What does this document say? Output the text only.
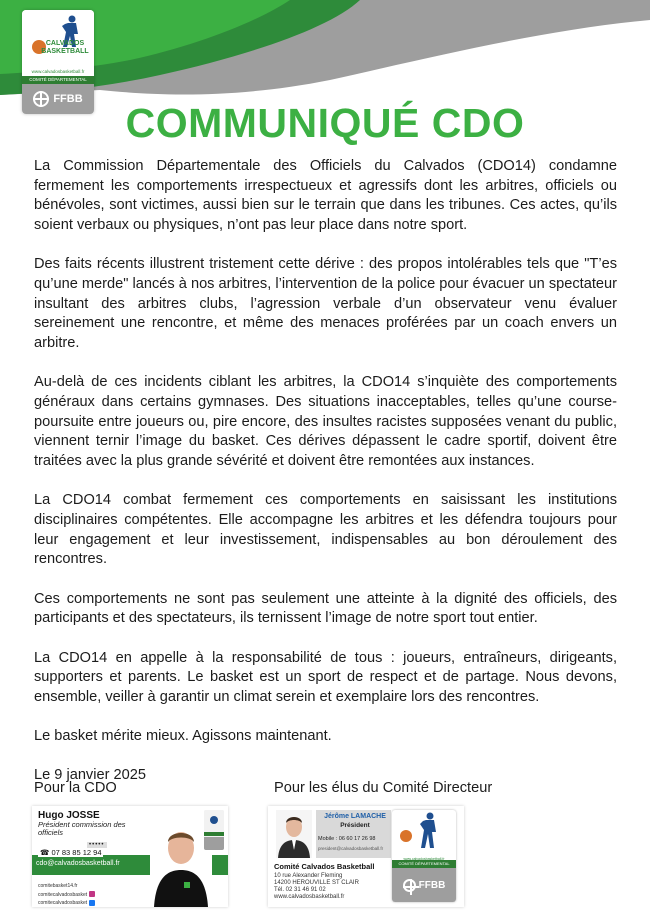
CALVADOS
BASKETBALL
www.calvadosbasketball.fr
COMITÉ DÉPARTEMENTAL
FFBB
COMMUNIQUÉ CDO

La Commission Départementale des Officiels du Calvados (CDO14) condamne fermement les comportements irrespectueux et agressifs dont les arbitres, officiels ou bénévoles, sont victimes, aussi bien sur le terrain que dans les tribunes. Ces actes, qu’ils soient verbaux ou physiques, n’ont pas leur place dans notre sport.

Des faits récents illustrent tristement cette dérive : des propos intolérables tels que "T’es qu’une merde" lancés à nos arbitres, l’intervention de la police pour évacuer un spectateur insultant des arbitres clubs, l’agression verbale d’un observateur venu évaluer sereinement une rencontre, et même des menaces proférées par un coach envers un arbitre.

Au-delà de ces incidents ciblant les arbitres, la CDO14 s’inquiète des comportements généraux dans certains gymnases. Des situations inacceptables, telles qu’une course-poursuite entre joueurs ou, pire encore, des insultes racistes supposées venant du public, viennent ternir l’image du basket. Ces dérives dépassent le cadre sportif, doivent être traitées avec la plus grande sévérité et doivent être remontées aux instances.

La CDO14 combat fermement ces comportements en saisissant les institutions disciplinaires compétentes. Elle accompagne les arbitres et les défendra toujours pour leur engagement et leur investissement, indispensables au bon déroulement des rencontres.

Ces comportements ne sont pas seulement une atteinte à la dignité des officiels, des participants et des spectateurs, ils ternissent l’image de notre sport tout entier.

La CDO14 en appelle à la responsabilité de tous : joueurs, entraîneurs, dirigeants, supporters et parents. Le basket est un sport de respect et de partage. Nous devons, ensemble, veiller à garantir un climat serein et exemplaire lors des rencontres.

Le basket mérite mieux. Agissons maintenant.

Le 9 janvier 2025

Pour la CDO	Pour les élus du Comité Directeur
Hugo JOSSE
Président commission des officiels
•••••
☎ 07 83 85 12 94
cdo@calvadosbasketball.fr
comitebasket14.fr
comitecalvadosbasket
comitecalvadosbasket
Jérôme LAMACHE
Président
Mobile : 06 60 17 26 98
president@calvadosbasketball.fr
Comité Calvados Basketball
10 rue Alexander Fleming
14200 HEROUVILLE ST CLAIR
Tél. 02 31 46 91 02
www.calvadosbasketball.fr
www.calvadosbasketball.fr
COMITÉ DÉPARTEMENTAL
FFBB
